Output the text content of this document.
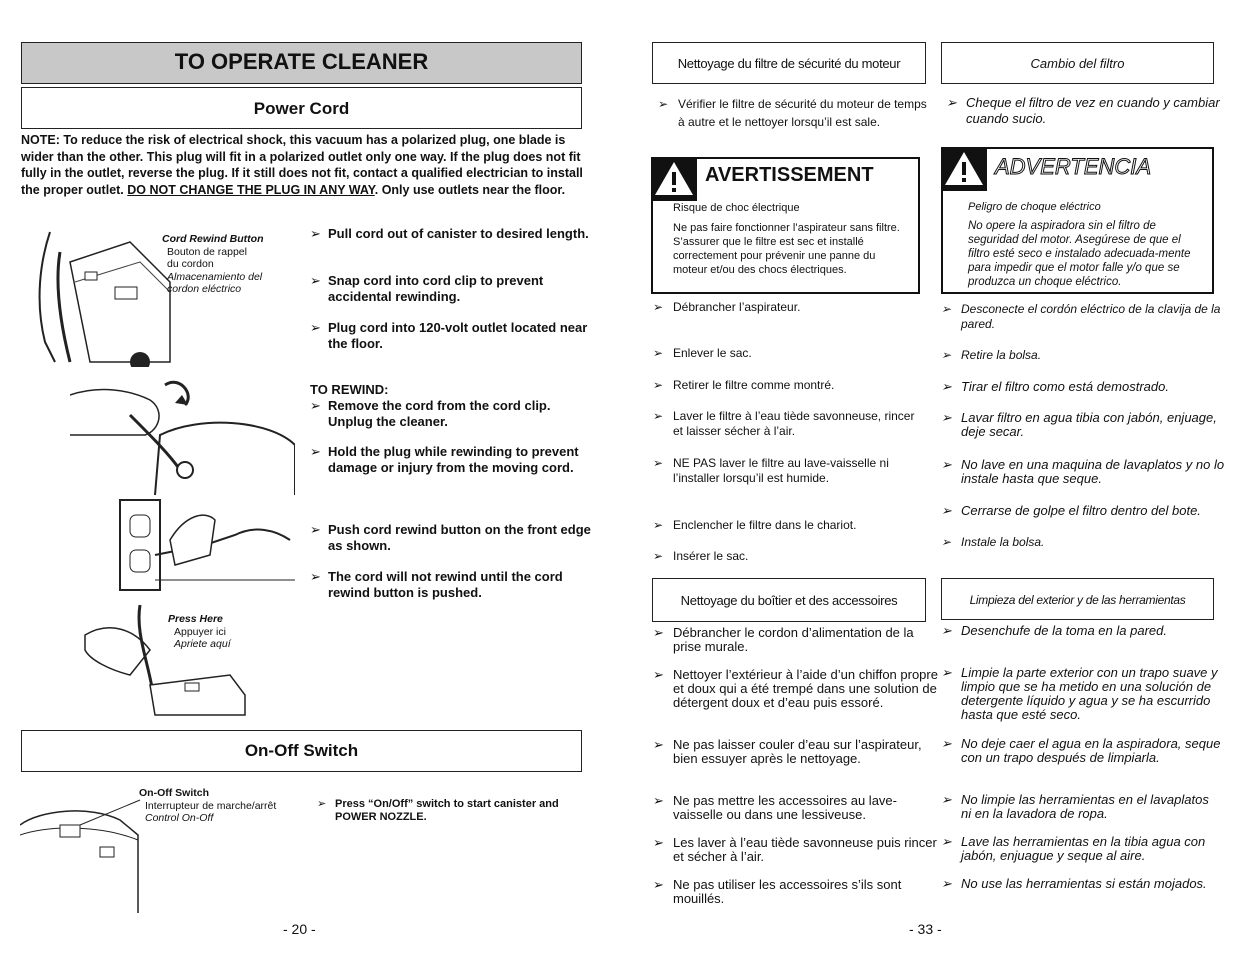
TO OPERATE CLEANER
Power Cord
NOTE: To reduce the risk of electrical shock, this vacuum has a polarized plug, one blade is wider than the other. This plug will fit in a polarized outlet only one way. If the plug does not fit fully in the outlet, reverse the plug. If it still does not fit, contact a qualified electrician to install the proper outlet. DO NOT CHANGE THE PLUG IN ANY WAY. Only use outlets near the floor.
Cord Rewind Button
Bouton de rappel
du cordon
Almacenamiento del
cordon eléctrico
➢ Pull cord out of canister to desired length.
➢ Snap cord into cord clip to prevent accidental rewinding.
➢ Plug cord into 120-volt outlet located near the floor.
TO REWIND:
➢ Remove the cord from the cord clip. Unplug the cleaner.
➢ Hold the plug while rewinding to prevent damage or injury from the moving cord.
➢ Push cord rewind button on the front edge as shown.
➢ The cord will not rewind until the cord rewind button is pushed.
Press Here
Appuyer ici
Apriete aquí
On-Off Switch
On-Off Switch
Interrupteur de marche/arrêt
Control On-Off
➢ Press “On/Off” switch to start canister and POWER NOZZLE.
- 20 -
Nettoyage du filtre de sécurité du moteur	Cambio del filtro
➢ Vérifier le filtre de sécurité du moteur de temps à autre et le nettoyer lorsqu’il est sale.
➢ Cheque el filtro de vez en cuando y cambiar cuando sucio.
AVERTISSEMENT
Risque de choc électrique
Ne pas faire fonctionner l’aspirateur sans filtre. S’assurer que le filtre est sec et installé correctement pour prévenir une panne du moteur et/ou des chocs électriques.
ADVERTENCIA
Peligro de choque eléctrico
No opere la aspiradora sin el filtro de seguridad del motor. Asegúrese de que el filtro esté seco e instalado adecuada-mente para impedir que el motor falle y/o que se produzca un choque eléctrico.
➢ Débrancher l’aspirateur.
➢ Enlever le sac.
➢ Retirer le filtre comme montré.
➢ Laver le filtre à l’eau tiède savonneuse, rincer et laisser sécher à l’air.
➢ NE PAS laver le filtre au lave-vaisselle ni l’installer lorsqu’il est humide.
➢ Enclencher le filtre dans le chariot.
➢ Insérer le sac.
➢ Desconecte el cordón eléctrico de la clavija de la pared.
➢ Retire la bolsa.
➢ Tirar el filtro como está demostrado.
➢ Lavar filtro en agua tibia con jabón, enjuage, deje secar.
➢ No lave en una maquina de lavaplatos y no lo instale hasta que seque.
➢ Cerrarse de golpe el filtro dentro del bote.
➢ Instale la bolsa.
Nettoyage du boîtier et des accessoires	Limpieza del exterior y de las herramientas
➢ Débrancher le cordon d’alimentation de la prise murale.
➢ Nettoyer l’extérieur à l’aide d’un chiffon propre et doux qui a été trempé dans une solution de détergent doux et d’eau puis essoré.
➢ Ne pas laisser couler d’eau sur l’aspirateur, bien essuyer après le nettoyage.
➢ Ne pas mettre les accessoires au lave-vaisselle ou dans une lessiveuse.
➢ Les laver à l’eau tiède savonneuse puis rincer et sécher à l’air.
➢ Ne pas utiliser les accessoires s’ils sont mouillés.
➢ Desenchufe de la toma en la pared.
➢ Limpie la parte exterior con un trapo suave y limpio que se ha metido en una solución de detergente líquido y agua y se ha escurrido hasta que esté seco.
➢ No deje caer el agua en la aspiradora, seque con un trapo después de limpiarla.
➢ No limpie las herramientas en el lavaplatos ni en la lavadora de ropa.
➢ Lave las herramientas en la tibia agua con jabón, enjuague y seque al aire.
➢ No use las herramientas si están mojados.
- 33 -
